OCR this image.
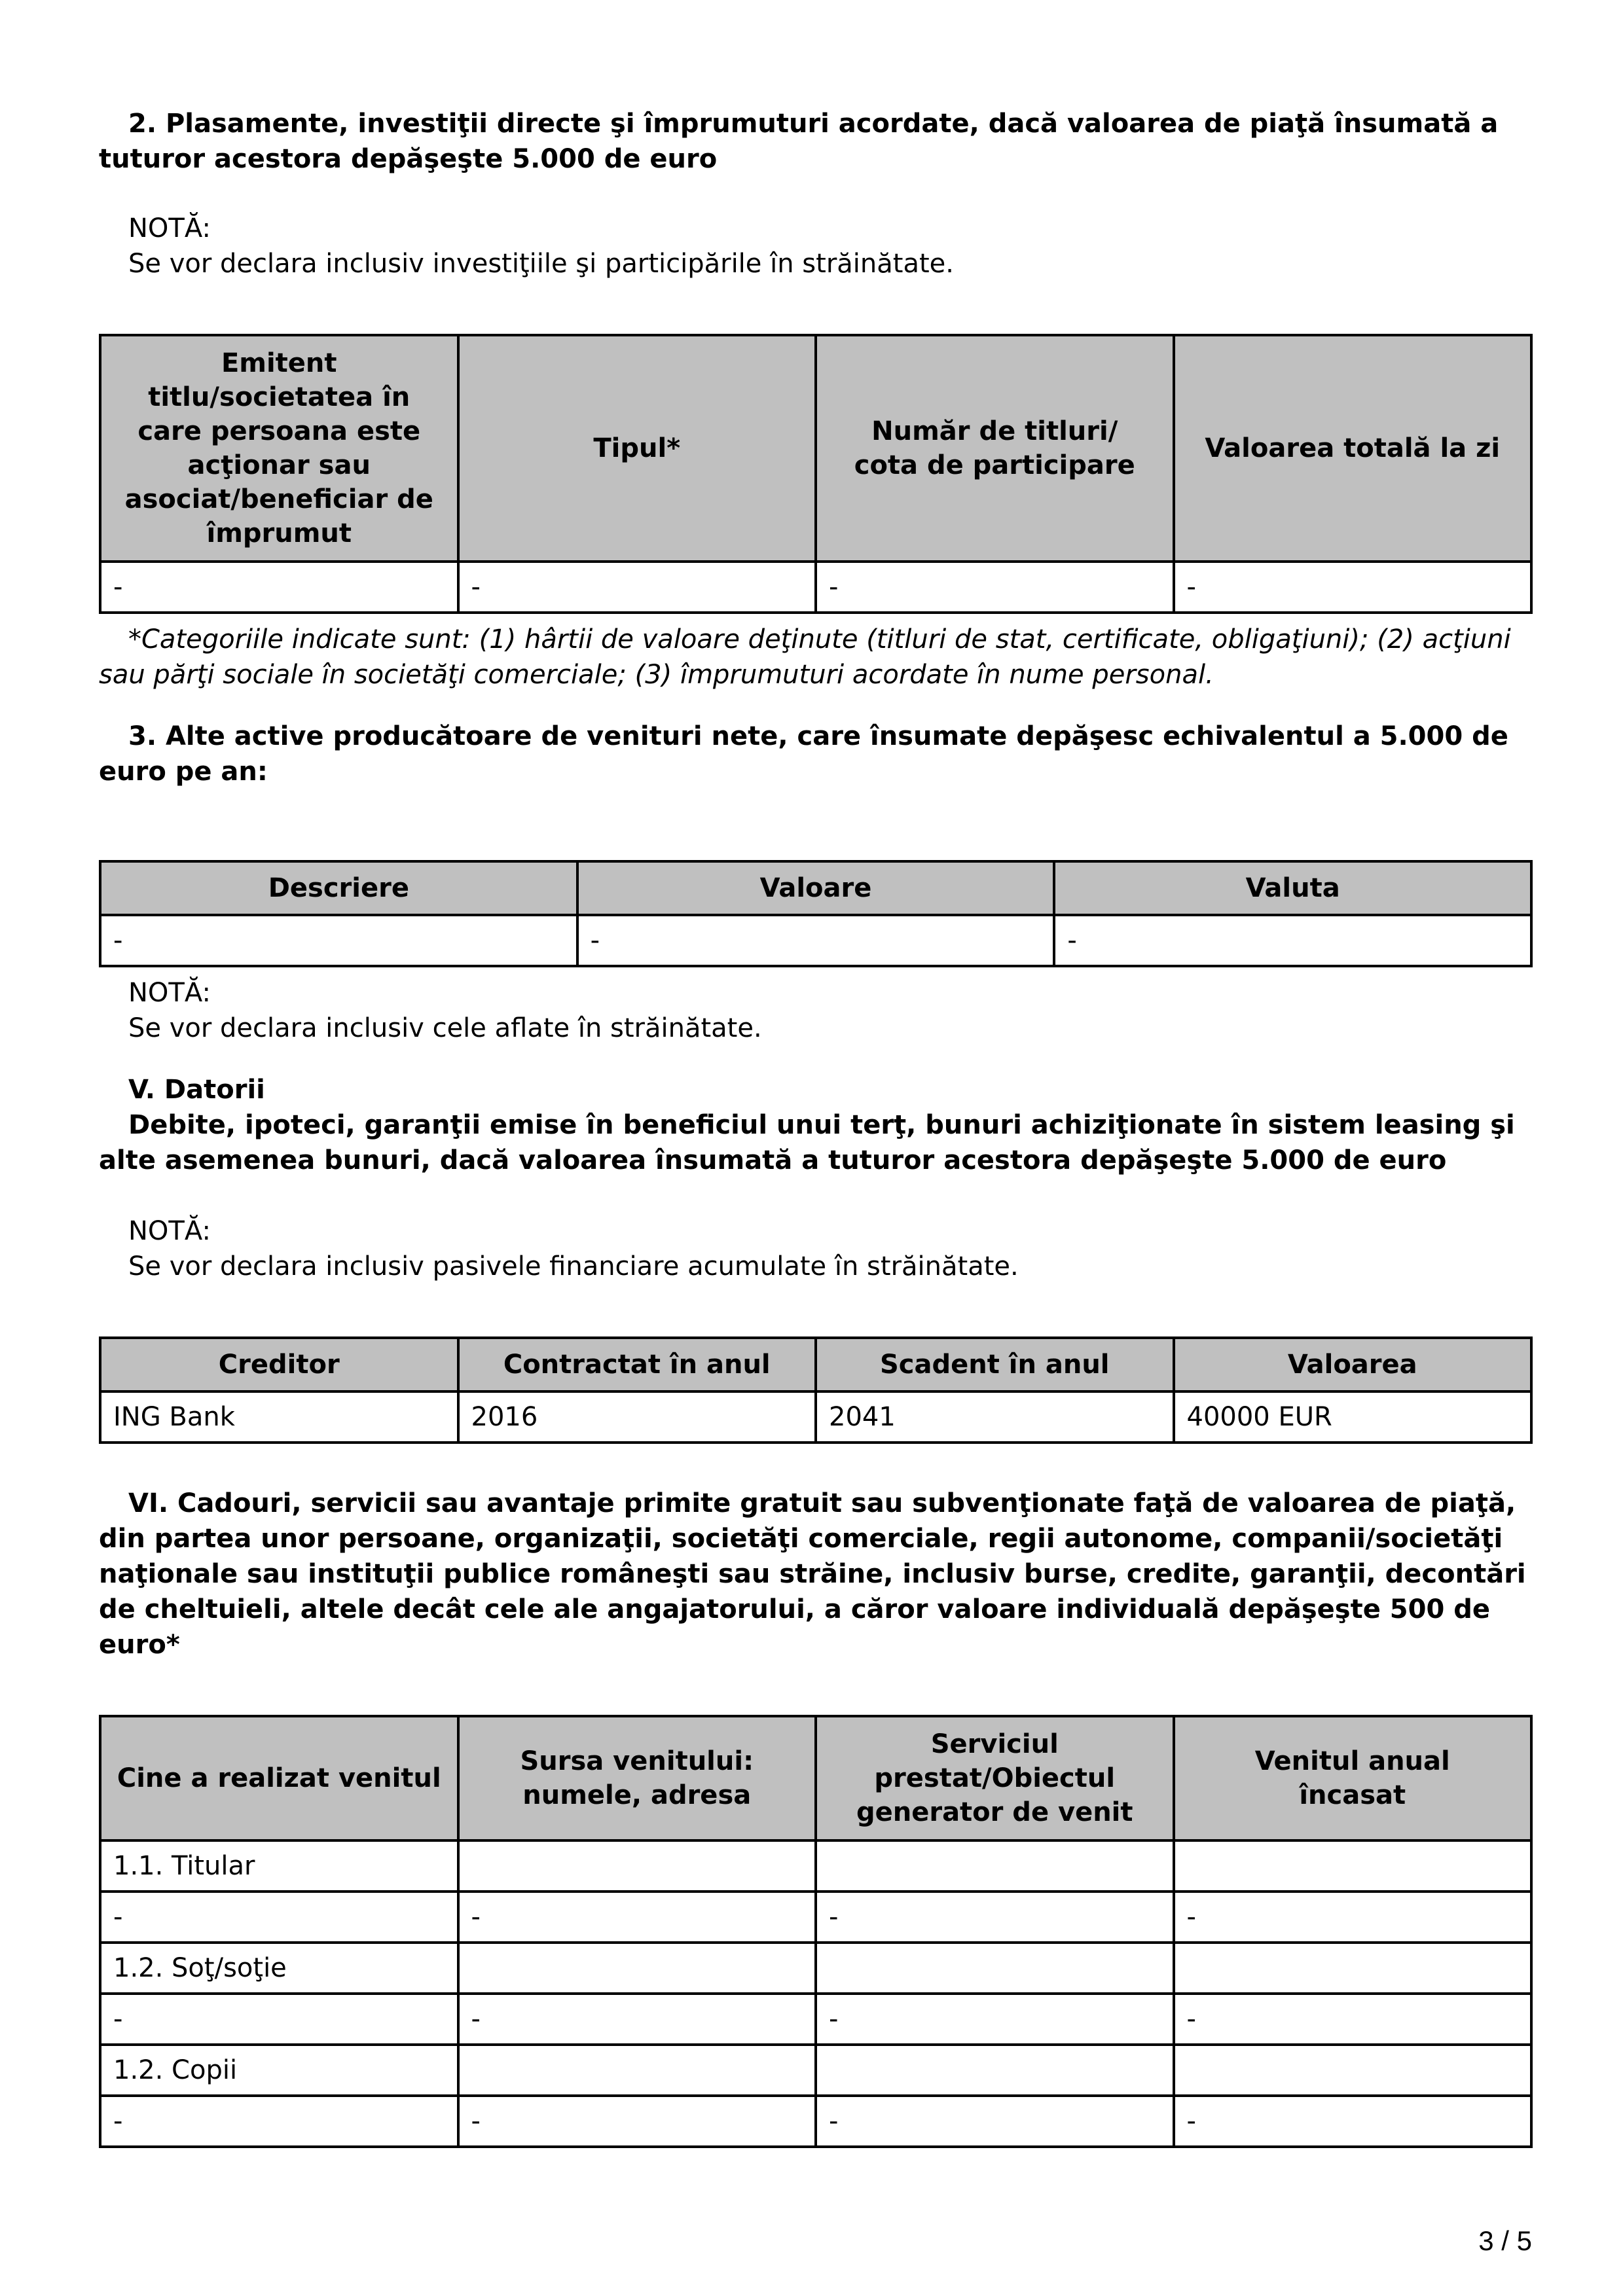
2. Plasamente, investiţii directe şi împrumuturi acordate, dacă valoarea de piaţă însumată a tuturor acestora depăşeşte 5.000 de euro

NOTĂ:

Se vor declara inclusiv investiţiile şi participările în străinătate.

Emitent titlu/societatea în care persoana este acţionar sau asociat/beneficiar de împrumut	Tipul*	Număr de titluri/ cota de participare	Valoarea totală la zi
-	-	-	-

*Categoriile indicate sunt: (1) hârtii de valoare deţinute (titluri de stat, certificate, obligaţiuni); (2) acţiuni sau părţi sociale în societăţi comerciale; (3) împrumuturi acordate în nume personal.

3. Alte active producătoare de venituri nete, care însumate depăşesc echivalentul a 5.000 de euro pe an:

Descriere	Valoare	Valuta
-	-	-

NOTĂ:

Se vor declara inclusiv cele aflate în străinătate.

V. Datorii

Debite, ipoteci, garanţii emise în beneficiul unui terţ, bunuri achiziţionate în sistem leasing şi alte asemenea bunuri, dacă valoarea însumată a tuturor acestora depăşeşte 5.000 de euro

NOTĂ:

Se vor declara inclusiv pasivele financiare acumulate în străinătate.

Creditor	Contractat în anul	Scadent în anul	Valoarea
ING Bank	2016	2041	40000 EUR

VI. Cadouri, servicii sau avantaje primite gratuit sau subvenţionate faţă de valoarea de piaţă, din partea unor persoane, organizaţii, societăţi comerciale, regii autonome, companii/societăţi naţionale sau instituţii publice româneşti sau străine, inclusiv burse, credite, garanţii, decontări de cheltuieli, altele decât cele ale angajatorului, a căror valoare individuală depăşeşte 500 de euro*

Cine a realizat venitul	Sursa venitului: numele, adresa	Serviciul prestat/Obiectul generator de venit	Venitul anual încasat
1.1. Titular			
-	-	-	-
1.2. Soţ/soţie			
-	-	-	-
1.2. Copii			
-	-	-	-
3 / 5
